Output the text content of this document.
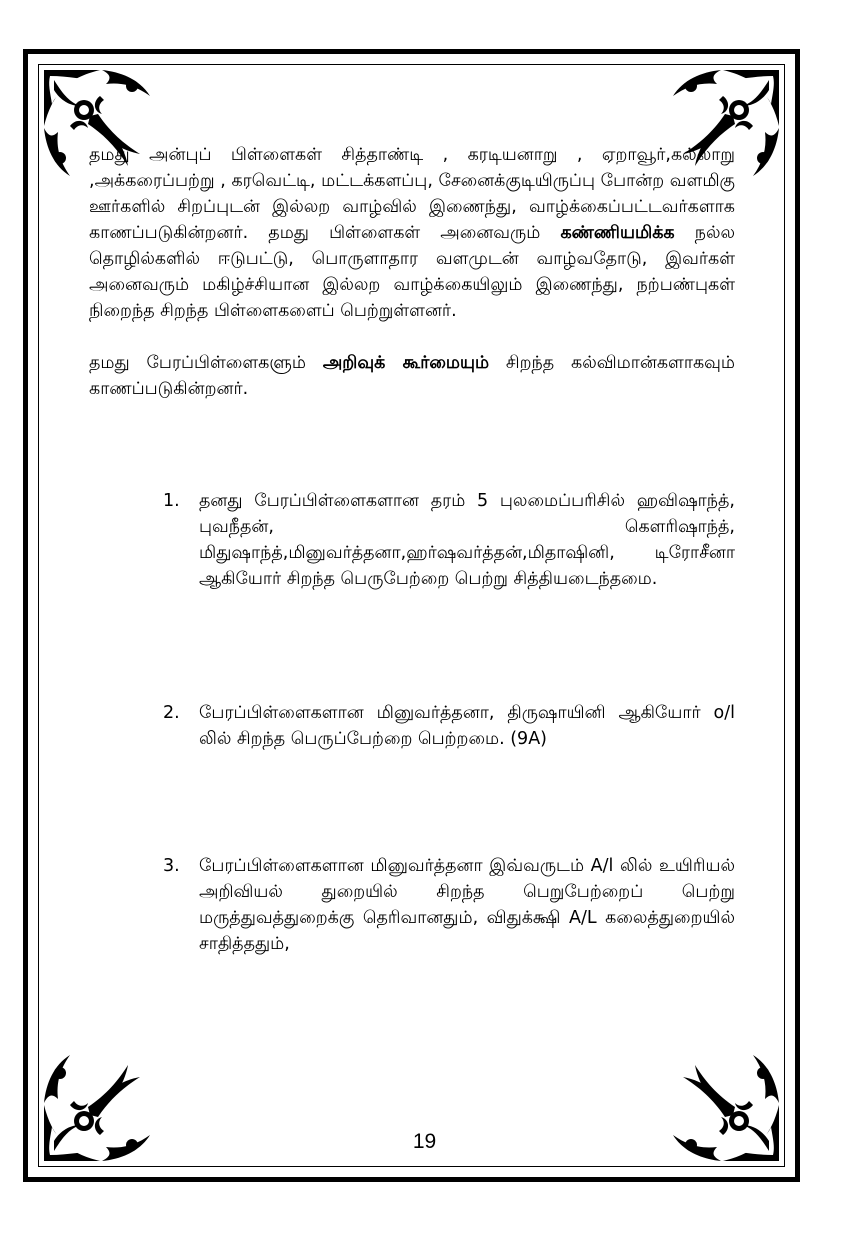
தமது அன்புப் பிள்ளைகள் சித்தாண்டி , கரடியனாறு , ஏறாவூர்,கல்லாறு ,அக்கரைப்பற்று , கரவெட்டி, மட்டக்களப்பு, சேனைக்குடியிருப்பு போன்ற வளமிகு ஊர்களில் சிறப்புடன் இல்லற வாழ்வில் இணைந்து, வாழ்க்கைப்பட்டவர்களாக காணப்படுகின்றனர். தமது பிள்ளைகள் அனைவரும் கண்ணியமிக்க நல்ல தொழில்களில் ஈடுபட்டு, பொருளாதார வளமுடன் வாழ்வதோடு, இவர்கள் அனைவரும் மகிழ்ச்சியான இல்லற வாழ்க்கையிலும் இணைந்து, நற்பண்புகள் நிறைந்த சிறந்த பிள்ளைகளைப் பெற்றுள்ளனர்.

தமது பேரப்பிள்ளைகளும் அறிவுக் கூர்மையும் சிறந்த கல்விமான்களாகவும் காணப்படுகின்றனர்.

1. தனது பேரப்பிள்ளைகளான தரம் 5 புலமைப்பரிசில் ஹவிஷாந்த், புவநீதன், கௌரிஷாந்த், மிதுஷாந்த்,மினுவர்த்தனா,ஹர்ஷவர்த்தன்,மிதாஷினி, டிரோசீனா ஆகியோர் சிறந்த பெருபேற்றை பெற்று சித்தியடைந்தமை.
2. பேரப்பிள்ளைகளான மினுவர்த்தனா, திருஷாயினி ஆகியோர் o/l லில் சிறந்த பெருப்பேற்றை பெற்றமை. (9A)
3. பேரப்பிள்ளைகளான மினுவர்த்தனா இவ்வருடம் A/l லில் உயிரியல் அறிவியல் துறையில் சிறந்த பெறுபேற்றைப் பெற்று மருத்துவத்துறைக்கு தெரிவானதும், விதுக்க்ஷி A/L கலைத்துறையில் சாதித்ததும்,
19
